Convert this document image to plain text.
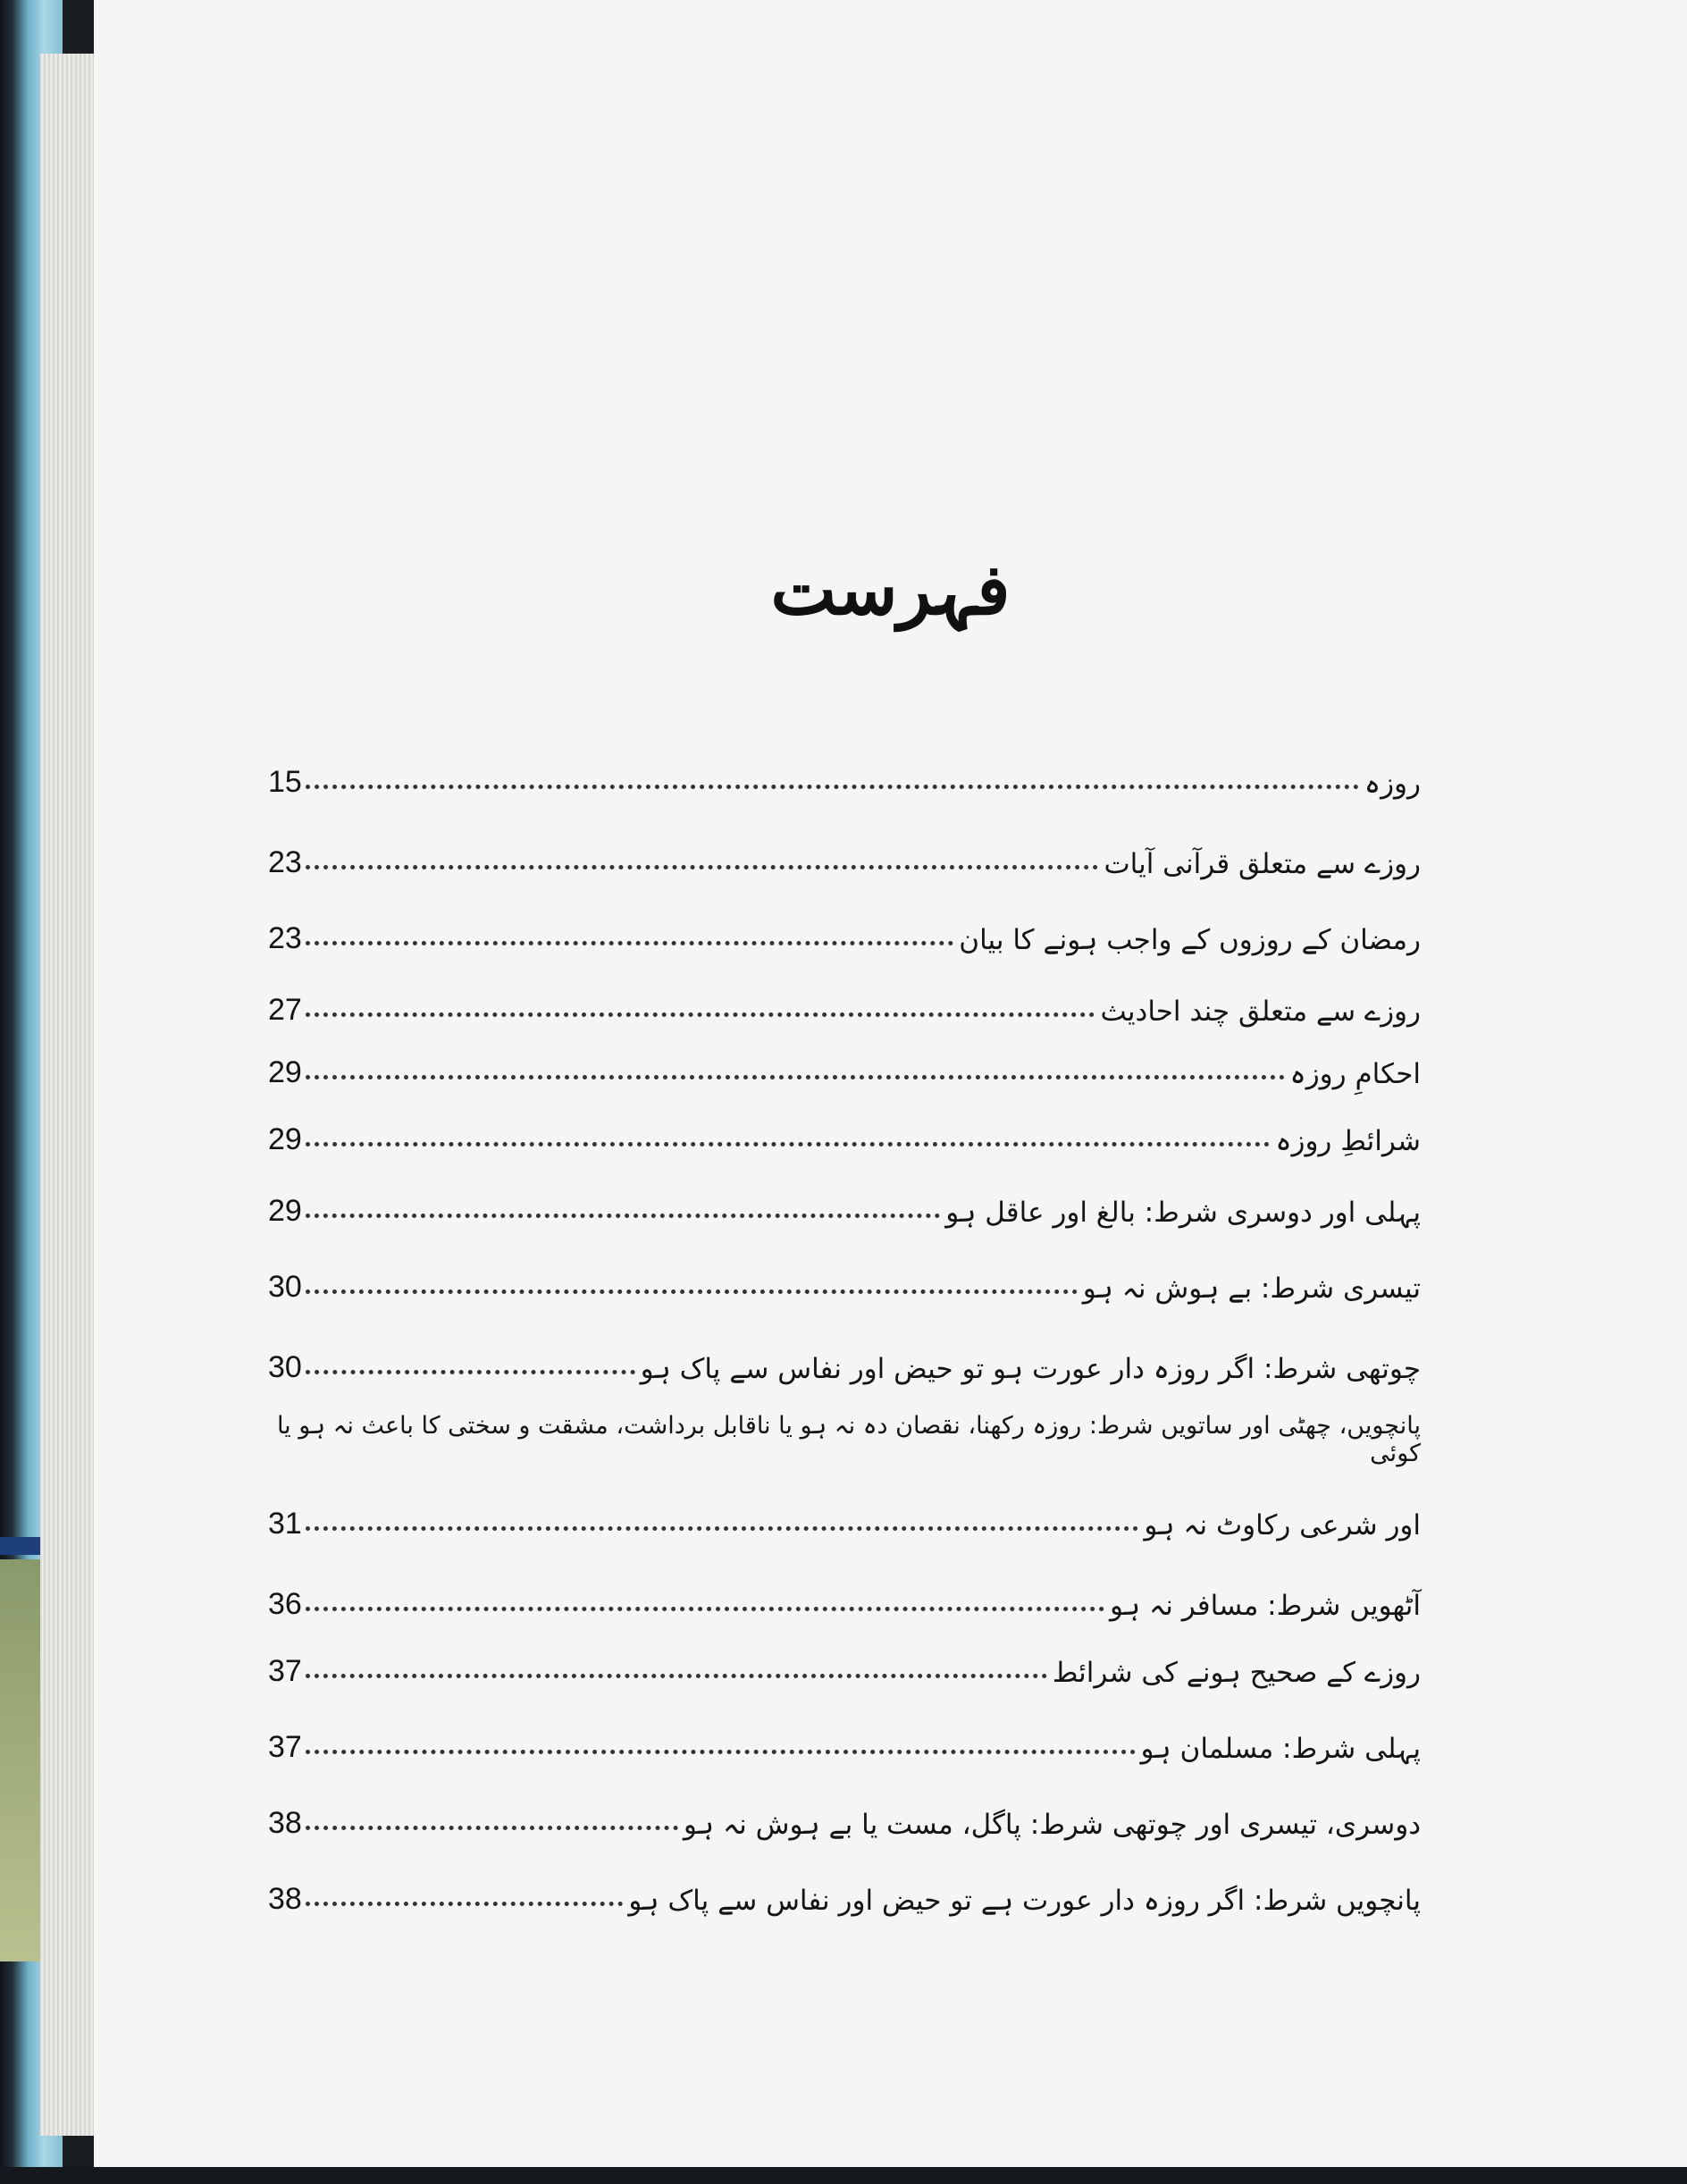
فہرست
روزہ
15
روزے سے متعلق قرآنی آیات
23
رمضان کے روزوں کے واجب ہونے کا بیان
23
روزے سے متعلق چند احادیث
27
احکامِ روزہ
29
شرائطِ روزہ
29
پہلی اور دوسری شرط: بالغ اور عاقل ہو
29
تیسری شرط: بے ہوش نہ ہو
30
چوتھی شرط: اگر روزہ دار عورت ہو تو حیض اور نفاس سے پاک ہو
30
پانچویں، چھٹی اور ساتویں شرط: روزہ رکھنا، نقصان دہ نہ ہو یا ناقابل برداشت، مشقت و سختی کا باعث نہ ہو یا کوئی
اور شرعی رکاوٹ نہ ہو
31
آٹھویں شرط: مسافر نہ ہو
36
روزے کے صحیح ہونے کی شرائط
37
پہلی شرط: مسلمان ہو
37
دوسری، تیسری اور چوتھی شرط: پاگل، مست یا بے ہوش نہ ہو
38
پانچویں شرط: اگر روزہ دار عورت ہے تو حیض اور نفاس سے پاک ہو
38
